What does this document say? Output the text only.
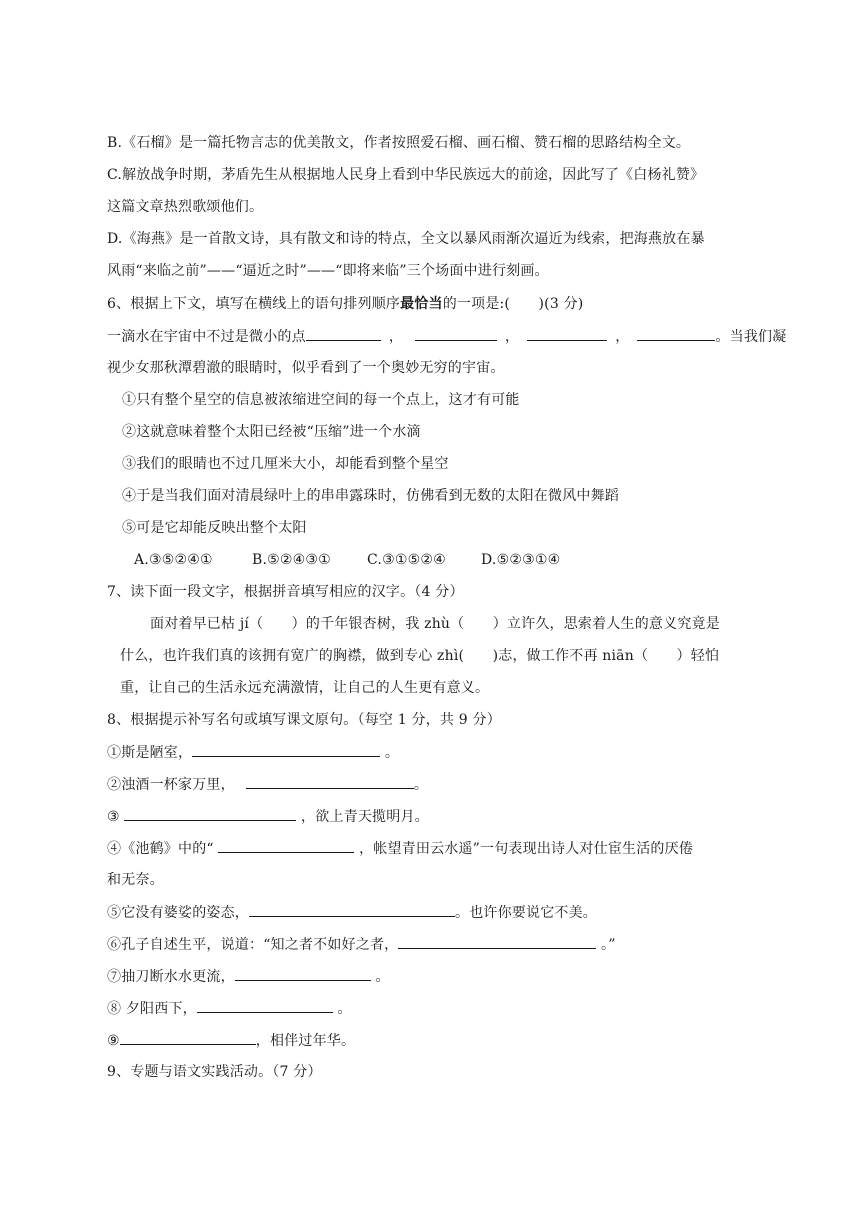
B.《石榴》是一篇托物言志的优美散文，作者按照爱石榴、画石榴、赞石榴的思路结构全文。
C.解放战争时期，茅盾先生从根据地人民身上看到中华民族远大的前途，因此写了《白杨礼赞》
这篇文章热烈歌颂他们。
D.《海燕》是一首散文诗，具有散文和诗的特点，全文以暴风雨渐次逼近为线索，把海燕放在暴
风雨“来临之前”——“逼近之时”——“即将来临”三个场面中进行刻画。
6、根据上下文，填写在横线上的语句排列顺序最恰当的一项是:(　　)(3 分)
一滴水在宇宙中不过是微小的点	，	，	，	。当我们凝
视少女那秋潭碧澈的眼睛时，似乎看到了一个奥妙无穷的宇宙。
①只有整个星空的信息被浓缩进空间的每一个点上，这才有可能
②这就意味着整个太阳已经被“压缩”进一个水滴
③我们的眼睛也不过几厘米大小，却能看到整个星空
④于是当我们面对清晨绿叶上的串串露珠时，仿佛看到无数的太阳在微风中舞蹈
⑤可是它却能反映出整个太阳
A.③⑤②④①	B.⑤②④③①	C.③①⑤②④	D.⑤②③①④
7、读下面一段文字，根据拼音填写相应的汉字。（4 分）
面对着早已枯 jí（　　）的千年银杏树，我 zhù（　　）立许久，思索着人生的意义究竟是
什么，也许我们真的该拥有宽广的胸襟，做到专心 zhì(　　)志，做工作不再 niān（　　）轻怕
重，让自己的生活永远充满激情，让自己的人生更有意义。
8、根据提示补写名句或填写课文原句。（每空 1 分，共 9 分）
①斯是陋室，	。
②浊酒一杯家万里，	。
③	，欲上青天揽明月。
④《池鹤》中的“	，帐望青田云水遥”一句表现出诗人对仕宦生活的厌倦
和无奈。
⑤它没有婆娑的姿态，	。也许你要说它不美。
⑥孔子自述生平，说道：“知之者不如好之者，	。”
⑦抽刀断水水更流，	。
⑧ 夕阳西下，	。
⑨	，相伴过年华。
9、专题与语文实践活动。（7 分）
